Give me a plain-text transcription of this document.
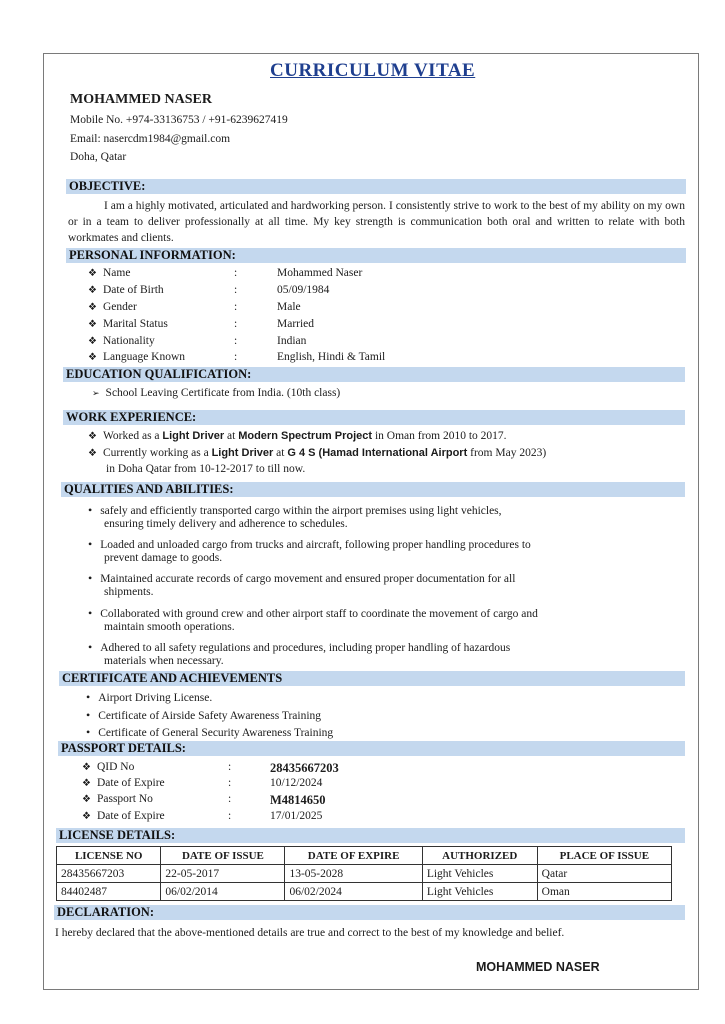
CURRICULUM VITAE
MOHAMMED NASER
Mobile No. +974-33136753 / +91-6239627419
Email: nasercdm1984@gmail.com
Doha, Qatar
OBJECTIVE:
I am a highly motivated, articulated and hardworking person. I consistently strive to work to the best of my ability on my own or in a team to deliver professionally at all time. My key strength is communication both oral and written to relate with both workmates and clients.
PERSONAL INFORMATION:
❖ Name	:	Mohammed Naser
❖ Date of Birth	:	05/09/1984
❖ Gender	:	Male
❖ Marital Status	:	Married
❖ Nationality	:	Indian
❖ Language Known	:	English, Hindi & Tamil
EDUCATION QUALIFICATION:
➢ School Leaving Certificate from India. (10th class)
WORK EXPERIENCE:
❖ Worked as a Light Driver at Modern Spectrum Project in Oman from 2010 to 2017.
❖ Currently working as a Light Driver at G 4 S (Hamad International Airport from May 2023)
in Doha Qatar from 10-12-2017 to till now.
QUALITIES AND ABILITIES:
• safely and efficiently transported cargo within the airport premises using light vehicles,
ensuring timely delivery and adherence to schedules.
• Loaded and unloaded cargo from trucks and aircraft, following proper handling procedures to
prevent damage to goods.
• Maintained accurate records of cargo movement and ensured proper documentation for all
shipments.
• Collaborated with ground crew and other airport staff to coordinate the movement of cargo and
maintain smooth operations.
• Adhered to all safety regulations and procedures, including proper handling of hazardous
materials when necessary.
CERTIFICATE AND ACHIEVEMENTS
• Airport Driving License.
• Certificate of Airside Safety Awareness Training
• Certificate of General Security Awareness Training
PASSPORT DETAILS:
❖ QID No	:	28435667203
❖ Date of Expire	:	10/12/2024
❖ Passport No	:	M4814650
❖ Date of Expire	:	17/01/2025
LICENSE DETAILS:
LICENSE NO	DATE OF ISSUE	DATE OF EXPIRE	AUTHORIZED	PLACE OF ISSUE
28435667203	22-05-2017	13-05-2028	Light Vehicles	Qatar
84402487	06/02/2014	06/02/2024	Light Vehicles	Oman
DECLARATION:
I hereby declared that the above-mentioned details are true and correct to the best of my knowledge and belief.
MOHAMMED NASER
